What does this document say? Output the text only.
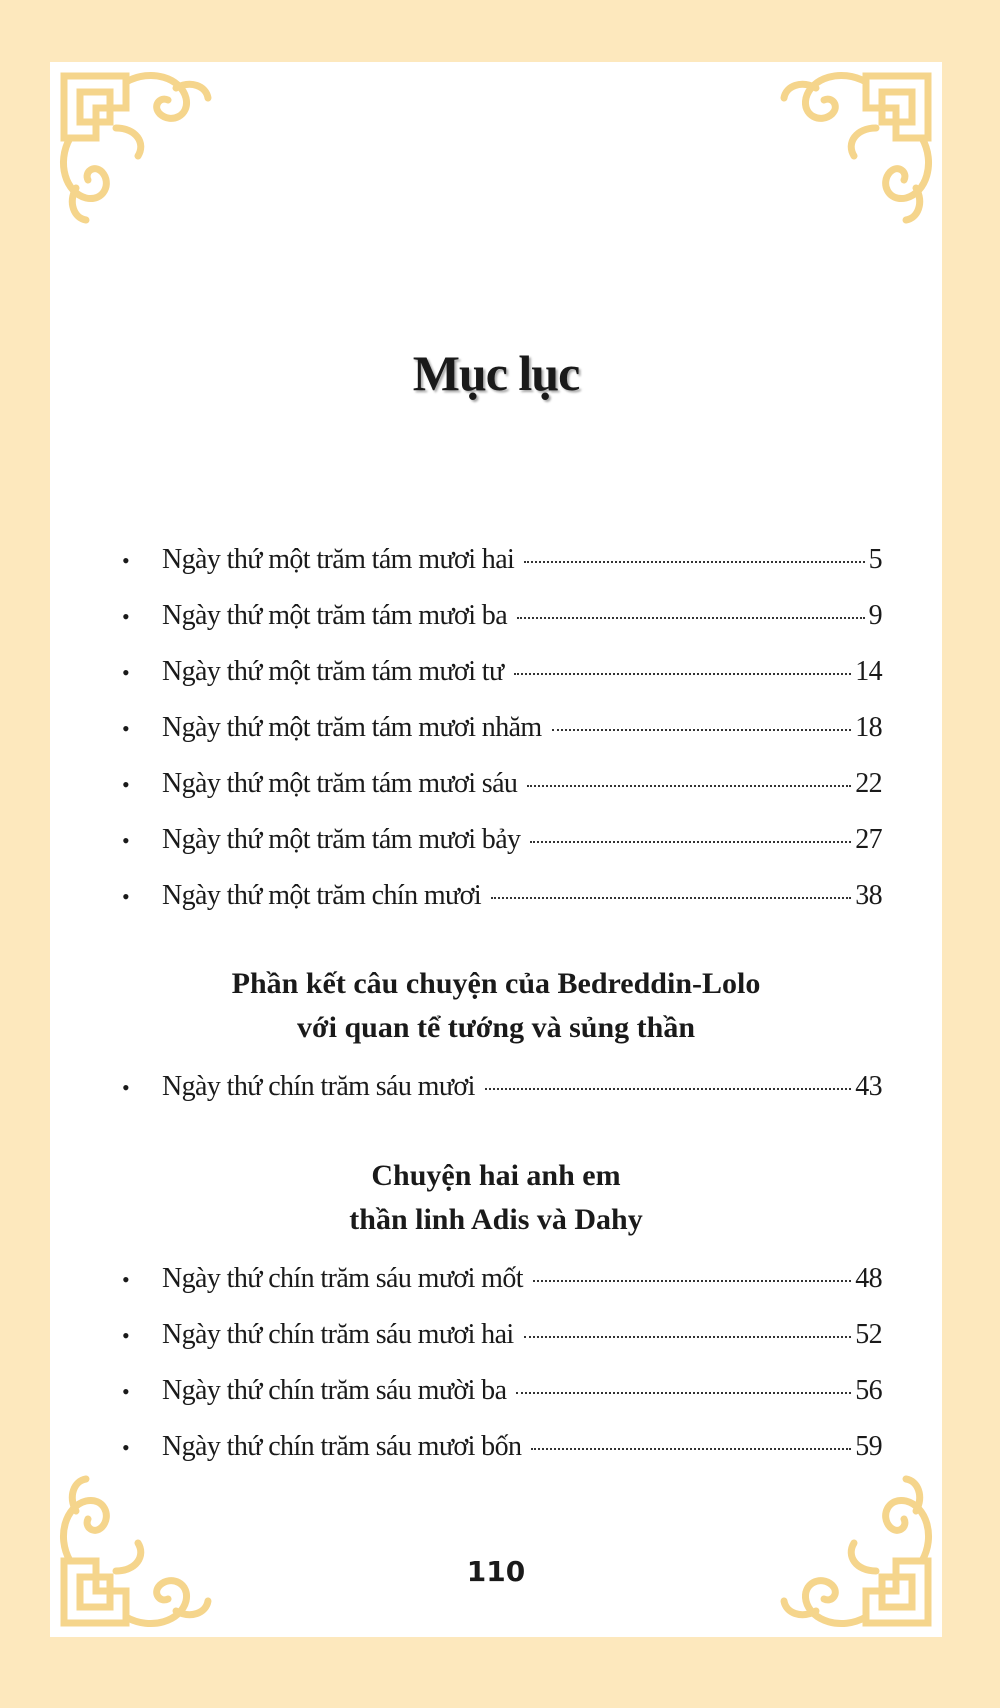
Mục lục
•	Ngày thứ một trăm tám mươi hai	5
•	Ngày thứ một trăm tám mươi ba	9
•	Ngày thứ một trăm tám mươi tư	14
•	Ngày thứ một trăm tám mươi nhăm	18
•	Ngày thứ một trăm tám mươi sáu	22
•	Ngày thứ một trăm tám mươi bảy	27
•	Ngày thứ một trăm chín mươi	38
Phần kết câu chuyện của Bedreddin-Lolo
với quan tể tướng và sủng thần
•	Ngày thứ chín trăm sáu mươi	43
Chuyện hai anh em
thần linh Adis và Dahy
•	Ngày thứ chín trăm sáu mươi mốt	48
•	Ngày thứ chín trăm sáu mươi hai	52
•	Ngày thứ chín trăm sáu mười ba	56
•	Ngày thứ chín trăm sáu mươi bốn	59
110
